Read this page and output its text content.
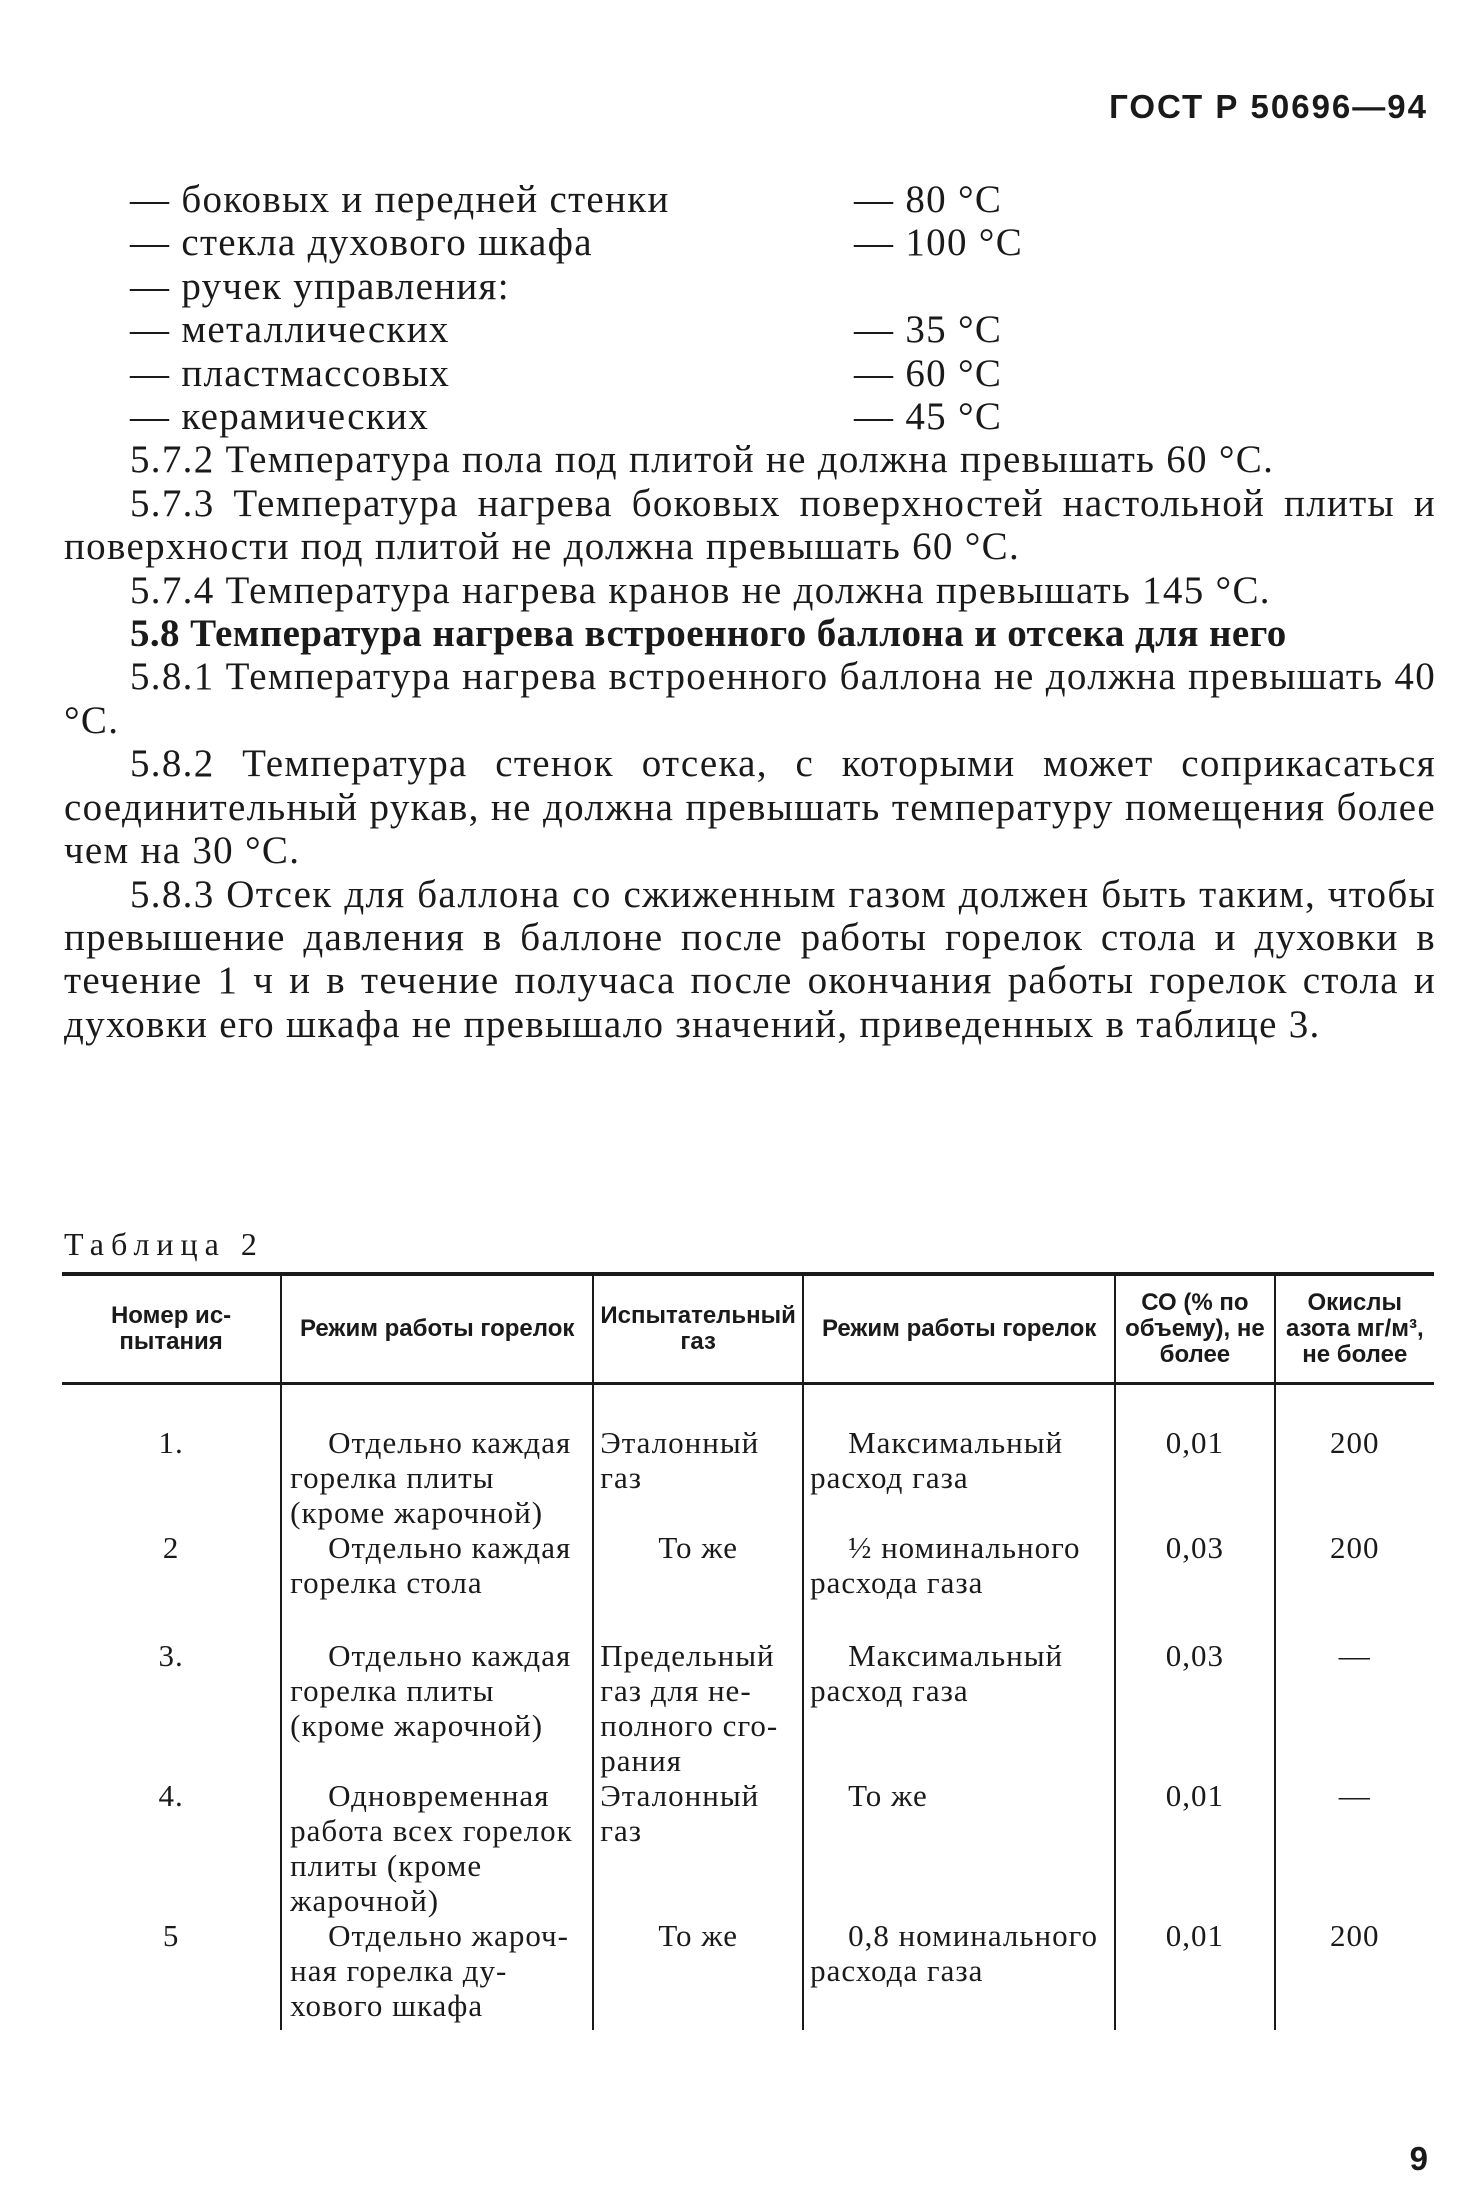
ГОСТ Р 50696—94
— боковых и передней стенки	— 80 °С
— стекла духового шкафа	— 100 °С
— ручек управления:
— металлических	— 35 °С
— пластмассовых	— 60 °С
— керамических	— 45 °С

5.7.2 Температура пола под плитой не должна превышать 60 °С.

5.7.3 Температура нагрева боковых поверхностей настольной плиты и поверхности под плитой не должна превышать 60 °С.

5.7.4 Температура нагрева кранов не должна превышать 145 °С.

5.8 Температура нагрева встроенного баллона и отсека для него

5.8.1 Температура нагрева встроенного баллона не должна превышать 40 °С.

5.8.2 Температура стенок отсека, с которыми может соприкасаться соединительный рукав, не должна превышать температуру помещения более чем на 30 °С.

5.8.3 Отсек для баллона со сжиженным газом должен быть таким, чтобы превышение давления в баллоне после работы горелок стола и духовки в течение 1 ч и в течение получаса после окончания работы горелок стола и духовки его шкафа не превышало значений, приведенных в таблице 3.

Таблица 2
Номер испытания	Режим работы горелок	Испытательный газ	Режим работы горелок	СО (% по объему), не более	Окислы азота мг/м³, не более
1.	Отдельно каждая горелка плиты (кроме жарочной)	Эталонный газ	Максимальный расход газа	0,01	200
2	Отдельно каждая горелка стола	То же	½ номинального расхода газа	0,03	200
3.	Отдельно каждая горелка плиты (кроме жарочной)	Предельный газ для неполного сгорания	Максимальный расход газа	0,03	—
4.	Одновременная работа всех горелок плиты (кроме жарочной)	Эталонный газ	То же	0,01	—
5	Отдельно жарочная горелка духового шкафа	То же	0,8 номинального расхода газа	0,01	200
9
